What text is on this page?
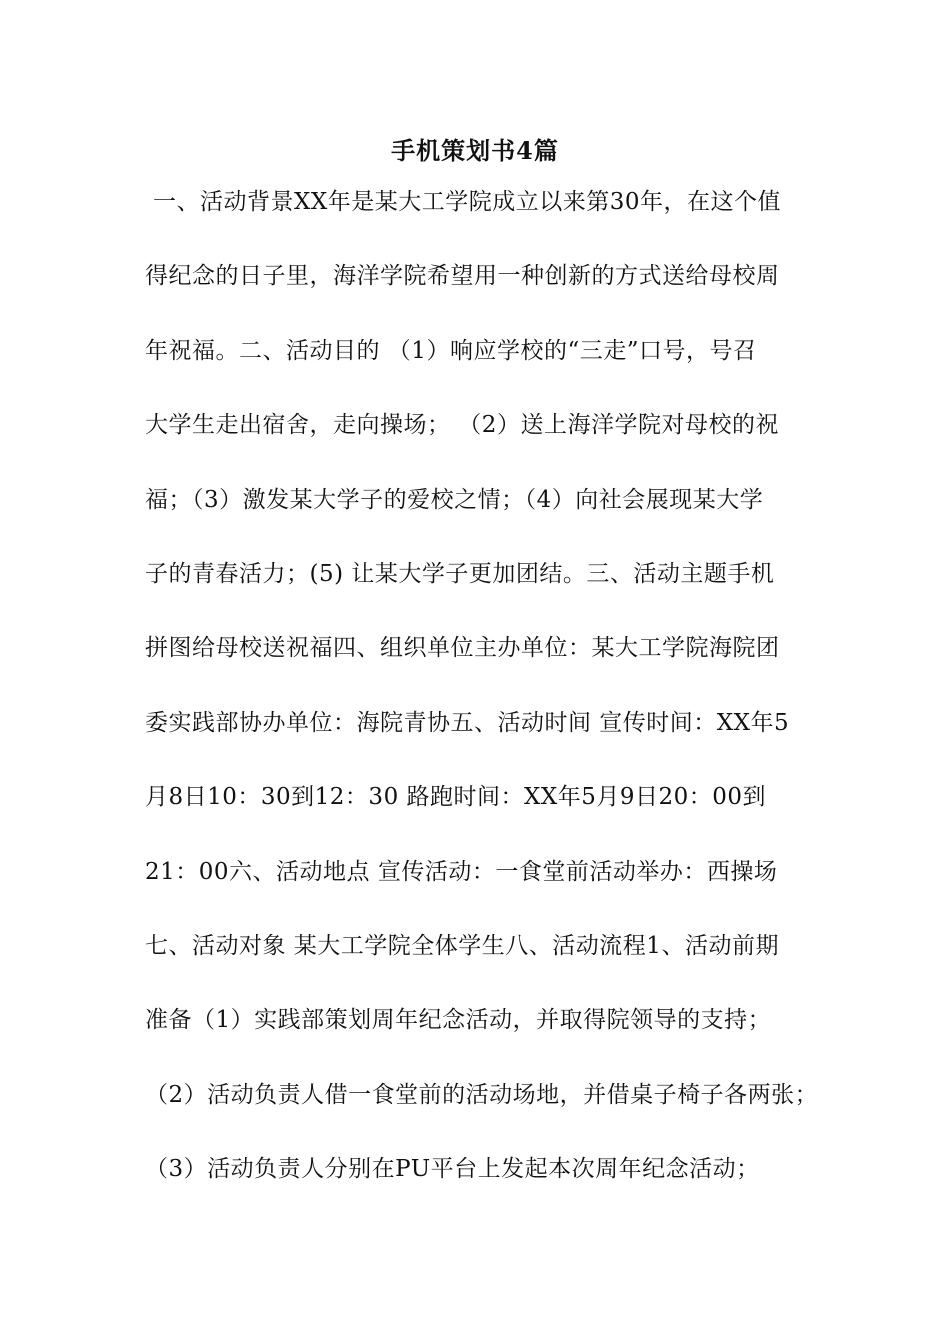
手机策划书4篇
一、活动背景XX年是某大工学院成立以来第30年，在这个值
得纪念的日子里，海洋学院希望用一种创新的方式送给母校周
年祝福。二、活动目的 （1）响应学校的“三走”口号，号召
大学生走出宿舍，走向操场； （2）送上海洋学院对母校的祝
福；（3）激发某大学子的爱校之情；（4）向社会展现某大学
子的青春活力；(5) 让某大学子更加团结。三、活动主题手机
拼图给母校送祝福四、组织单位主办单位：某大工学院海院团
委实践部协办单位：海院青协五、活动时间 宣传时间：XX年5
月8日10：30到12：30 路跑时间：XX年5月9日20：00到
21：00六、活动地点 宣传活动：一食堂前活动举办：西操场
七、活动对象 某大工学院全体学生八、活动流程1、活动前期
准备（1）实践部策划周年纪念活动，并取得院领导的支持；
（2）活动负责人借一食堂前的活动场地，并借桌子椅子各两张；
（3）活动负责人分别在PU平台上发起本次周年纪念活动；
